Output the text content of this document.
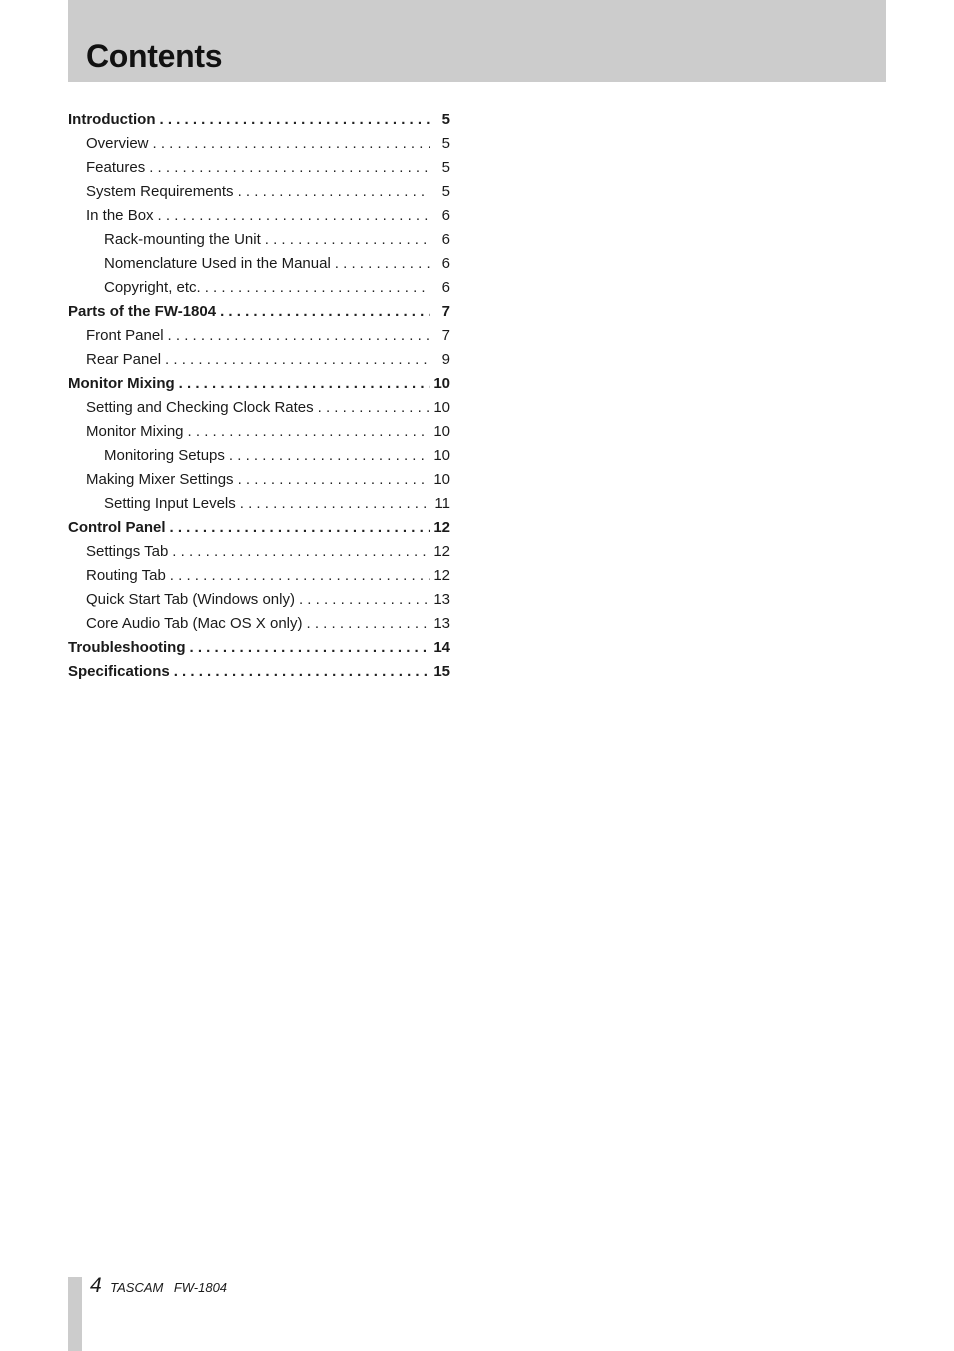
Contents
Introduction . . .	5
Overview . . .	5
Features . . .	5
System Requirements . . .	5
In the Box . . .	6
Rack-mounting the Unit . . .	6
Nomenclature Used in the Manual . . .	6
Copyright, etc. . . .	6
Parts of the FW-1804 . . .	7
Front Panel . . .	7
Rear Panel . . .	9
Monitor Mixing . . .	10
Setting and Checking Clock Rates . . .	10
Monitor Mixing . . .	10
Monitoring Setups . . .	10
Making Mixer Settings . . .	10
Setting Input Levels . . .	11
Control Panel . . .	12
Settings Tab . . .	12
Routing Tab . . .	12
Quick Start Tab (Windows only) . . .	13
Core Audio Tab (Mac OS X only) . . .	13
Troubleshooting . . .	14
Specifications . . .	15
4 TASCAM FW-1804
